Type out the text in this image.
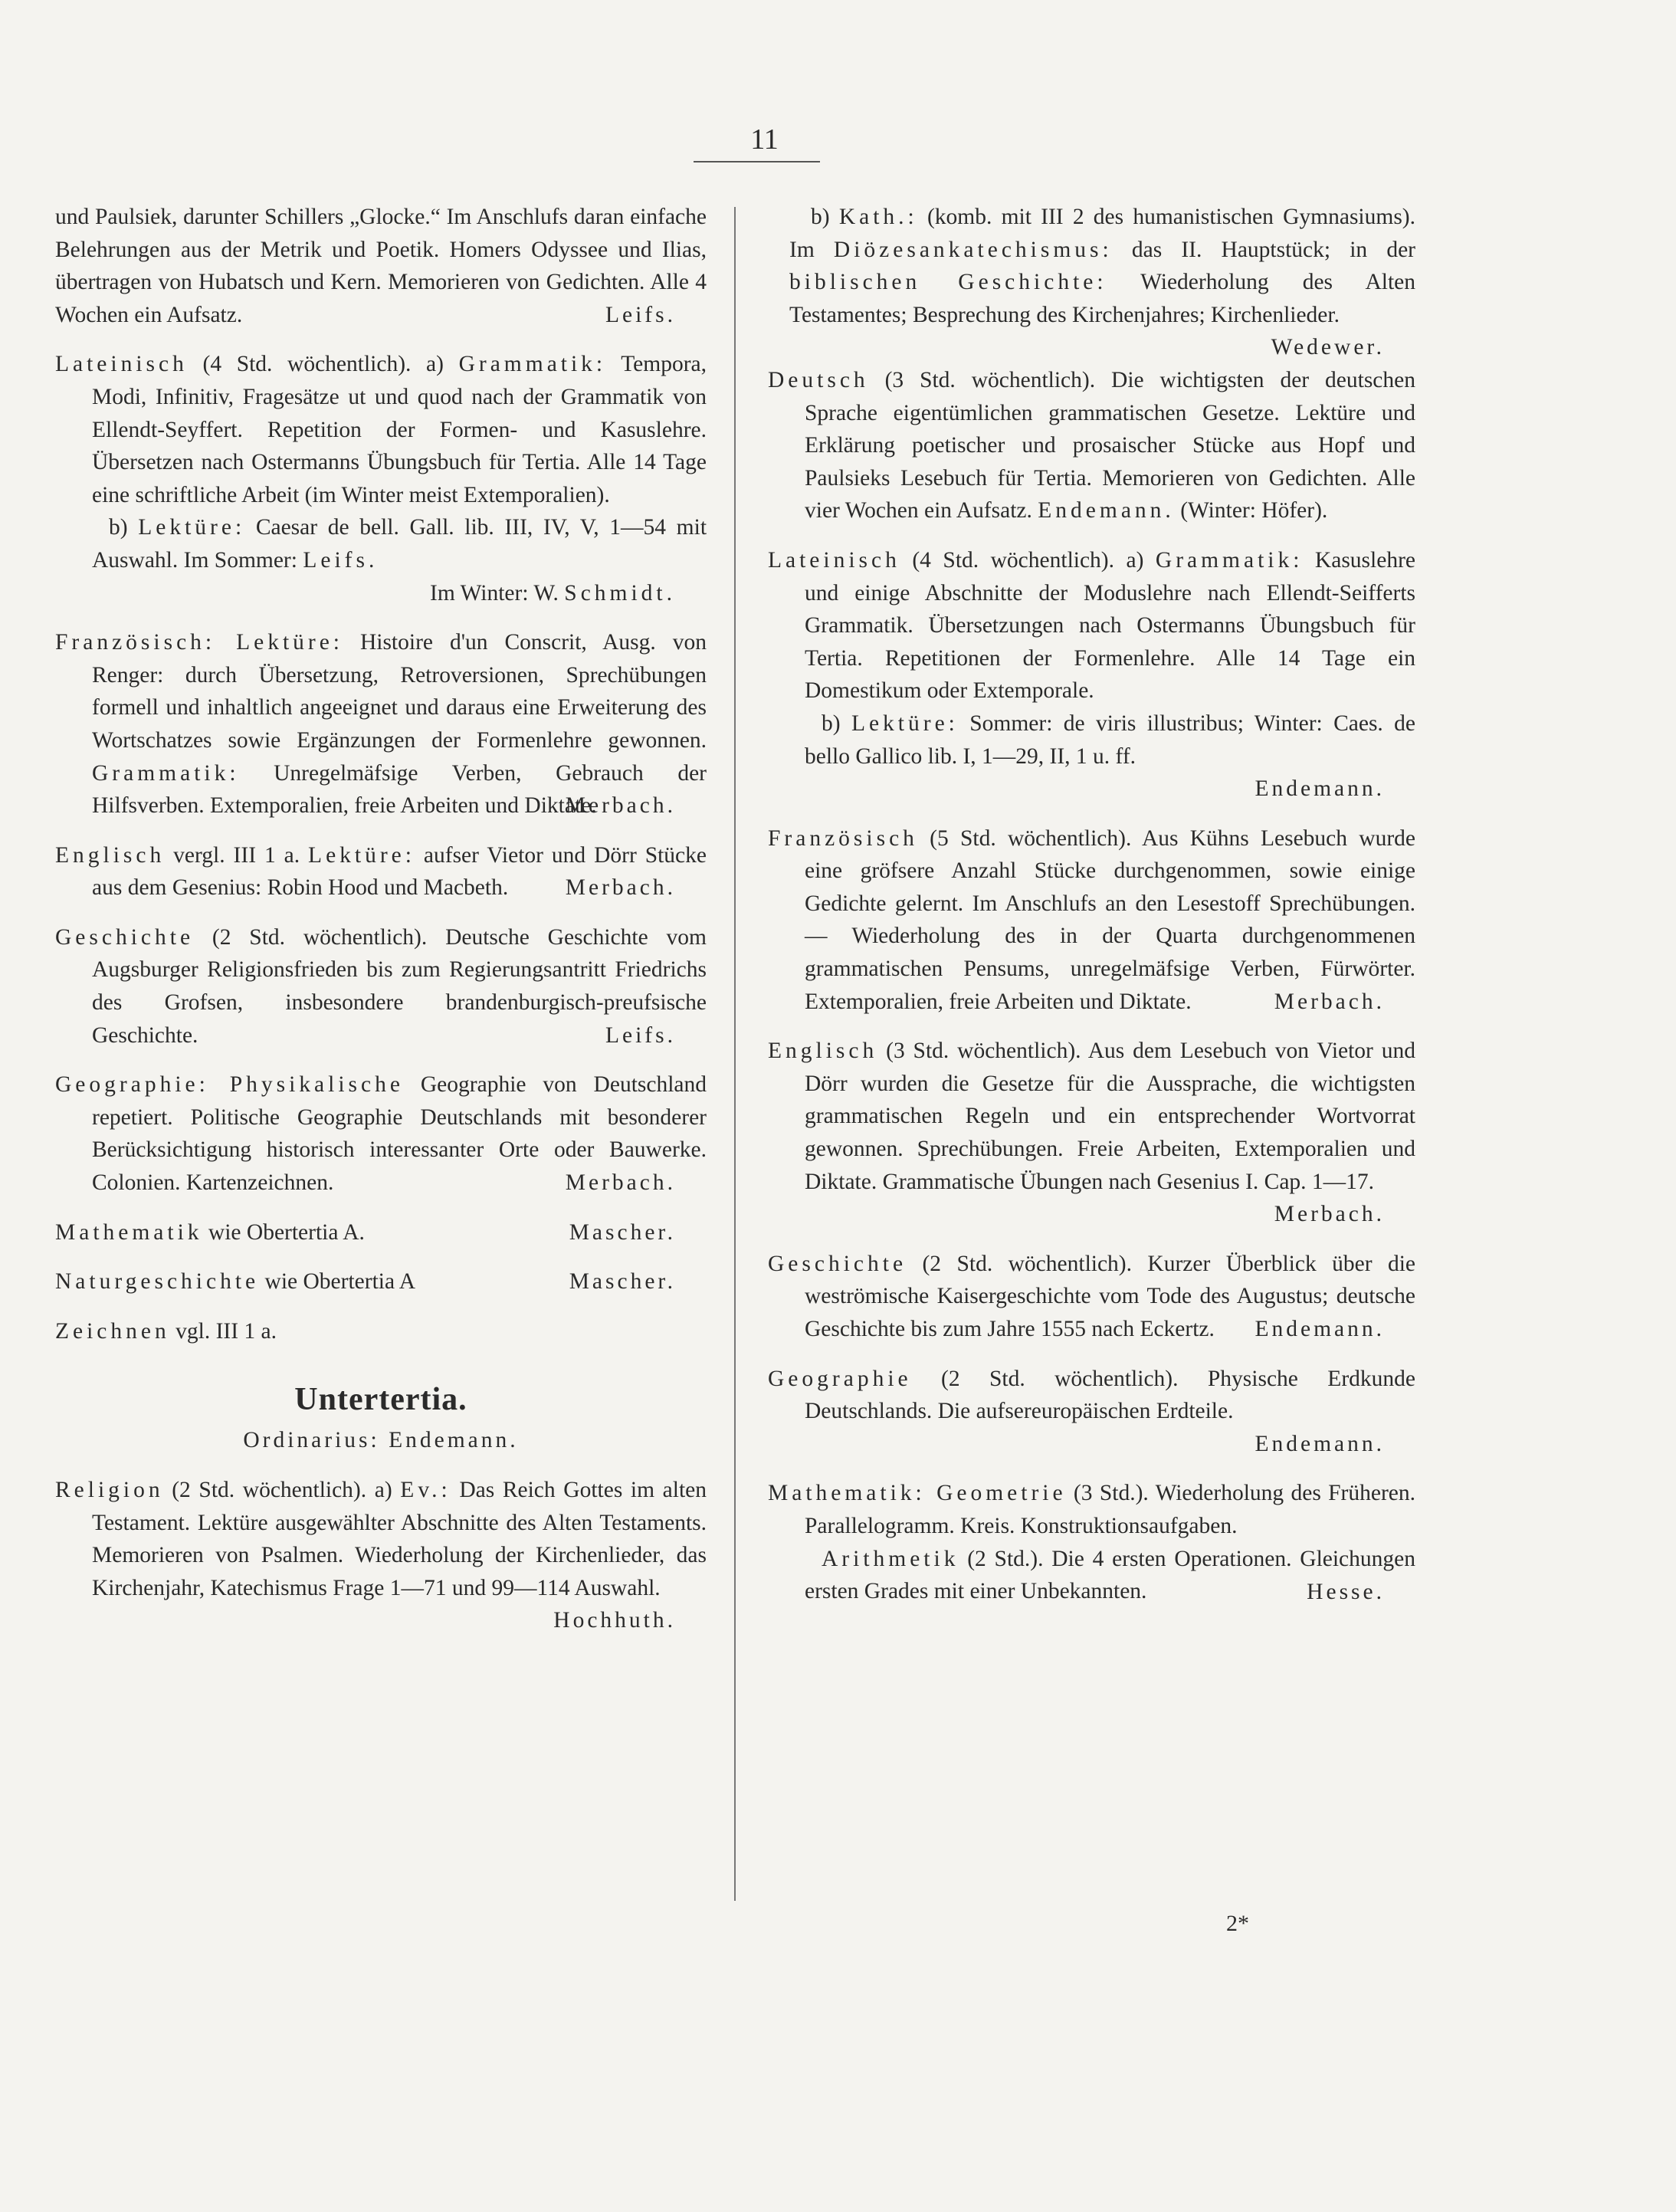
11
und Paulsiek, darunter Schillers „Glocke.“ Im Anschlufs daran einfache Belehrungen aus der Metrik und Poetik. Homers Odyssee und Ilias, übertragen von Hubatsch und Kern. Memorieren von Gedichten. Alle 4 Wochen ein Aufsatz.	Leifs.
Lateinisch (4 Std. wöchentlich). a) Grammatik: Tempora, Modi, Infinitiv, Fragesätze ut und quod nach der Grammatik von Ellendt-Seyffert. Repetition der Formen- und Kasuslehre. Übersetzen nach Ostermanns Übungsbuch für Tertia. Alle 14 Tage eine schriftliche Arbeit (im Winter meist Extemporalien).
b) Lektüre: Caesar de bell. Gall. lib. III, IV, V, 1—54 mit Auswahl. Im Sommer: Leifs.
Im Winter: W. Schmidt.
Französisch: Lektüre: Histoire d'un Conscrit, Ausg. von Renger: durch Übersetzung, Retroversionen, Sprechübungen formell und inhaltlich angeeignet und daraus eine Erweiterung des Wortschatzes sowie Ergänzungen der Formenlehre gewonnen. Grammatik: Unregelmäfsige Verben, Gebrauch der Hilfsverben. Extemporalien, freie Arbeiten und Diktate.
Merbach.
Englisch vergl. III 1 a. Lektüre: aufser Vietor und Dörr Stücke aus dem Gesenius: Robin Hood und Macbeth.	Merbach.
Geschichte (2 Std. wöchentlich). Deutsche Geschichte vom Augsburger Religionsfrieden bis zum Regierungsantritt Friedrichs des Grofsen, insbesondere brandenburgisch-preufsische Geschichte.	Leifs.
Geographie: Physikalische Geographie von Deutschland repetiert. Politische Geographie Deutschlands mit besonderer Berücksichtigung historisch interessanter Orte oder Bauwerke. Colonien. Kartenzeichnen.	Merbach.
Mathematik wie Obertertia A.	Mascher.
Naturgeschichte wie Obertertia A	Mascher.
Zeichnen vgl. III 1 a.
Untertertia.
Ordinarius: Endemann.
Religion (2 Std. wöchentlich). a) Ev.: Das Reich Gottes im alten Testament. Lektüre ausgewählter Abschnitte des Alten Testaments. Memorieren von Psalmen. Wiederholung der Kirchenlieder, das Kirchenjahr, Katechismus Frage 1—71 und 99—114 Auswahl.
Hochhuth.
b) Kath.: (komb. mit III 2 des humanistischen Gymnasiums). Im Diözesankatechismus: das II. Hauptstück; in der biblischen Geschichte: Wiederholung des Alten Testamentes; Besprechung des Kirchenjahres; Kirchenlieder.
Wedewer.
Deutsch (3 Std. wöchentlich). Die wichtigsten der deutschen Sprache eigentümlichen grammatischen Gesetze. Lektüre und Erklärung poetischer und prosaischer Stücke aus Hopf und Paulsieks Lesebuch für Tertia. Memorieren von Gedichten. Alle vier Wochen ein Aufsatz. Endemann. (Winter: Höfer).
Lateinisch (4 Std. wöchentlich). a) Grammatik: Kasuslehre und einige Abschnitte der Moduslehre nach Ellendt-Seifferts Grammatik. Übersetzungen nach Ostermanns Übungsbuch für Tertia. Repetitionen der Formenlehre. Alle 14 Tage ein Domestikum oder Extemporale.
b) Lektüre: Sommer: de viris illustribus; Winter: Caes. de bello Gallico lib. I, 1—29, II, 1 u. ff.
Endemann.
Französisch (5 Std. wöchentlich). Aus Kühns Lesebuch wurde eine gröfsere Anzahl Stücke durchgenommen, sowie einige Gedichte gelernt. Im Anschlufs an den Lesestoff Sprechübungen. — Wiederholung des in der Quarta durchgenommenen grammatischen Pensums, unregelmäfsige Verben, Fürwörter. Extemporalien, freie Arbeiten und Diktate.	Merbach.
Englisch (3 Std. wöchentlich). Aus dem Lesebuch von Vietor und Dörr wurden die Gesetze für die Aussprache, die wichtigsten grammatischen Regeln und ein entsprechender Wortvorrat gewonnen. Sprechübungen. Freie Arbeiten, Extemporalien und Diktate. Grammatische Übungen nach Gesenius I. Cap. 1—17.
Merbach.
Geschichte (2 Std. wöchentlich). Kurzer Überblick über die weströmische Kaisergeschichte vom Tode des Augustus; deutsche Geschichte bis zum Jahre 1555 nach Eckertz. Endemann.
Geographie (2 Std. wöchentlich). Physische Erdkunde Deutschlands. Die aufsereuropäischen Erdteile.
Endemann.
Mathematik: Geometrie (3 Std.). Wiederholung des Früheren. Parallelogramm. Kreis. Konstruktionsaufgaben.
Arithmetik (2 Std.). Die 4 ersten Operationen. Gleichungen ersten Grades mit einer Unbekannten.	Hesse.
2*
